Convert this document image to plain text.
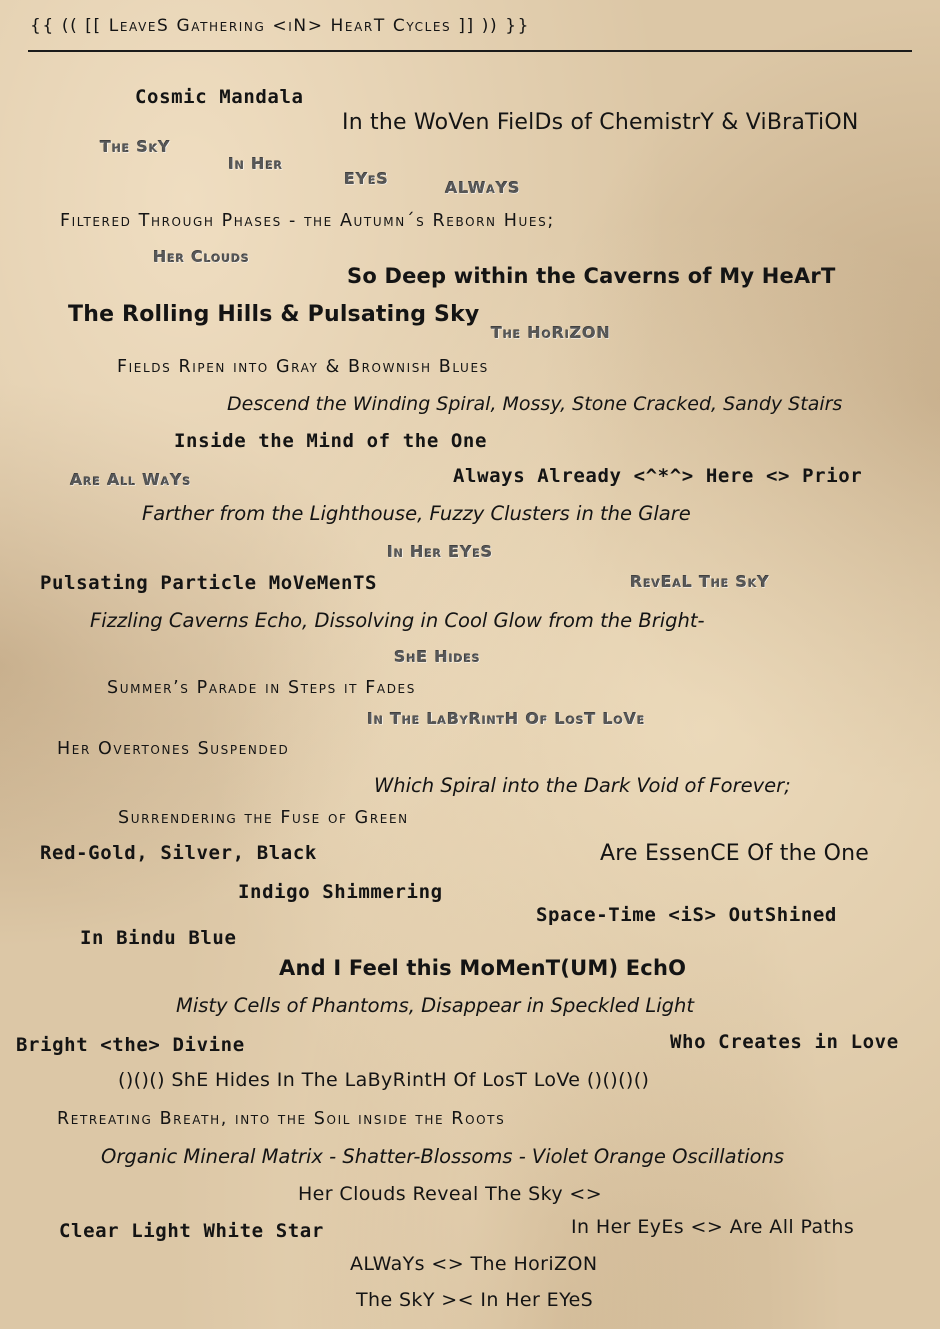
{{ (( [[ LeaveS Gathering <iN> HearT Cycles ]] )) }}
Cosmic Mandala
In the WoVen FielDs of ChemistrY & ViBraTiON
The SkY
In Her
EYeS	ALWaYS
Filtered Through Phases - the Autumn´s Reborn Hues;
Her Clouds
So Deep within the Caverns of My HeArT
The Rolling Hills & Pulsating Sky
The HoRiZON
Fields Ripen into Gray & Brownish Blues
Descend the Winding Spiral, Mossy, Stone Cracked, Sandy Stairs
Inside the Mind of the One
Are All WaYs	Always Already <^*^> Here <> Prior
Farther from the Lighthouse, Fuzzy Clusters in the Glare
In Her EYeS
Pulsating Particle MoVeMenTS	RevEaL The SkY
Fizzling Caverns Echo, Dissolving in Cool Glow from the Bright-
ShE Hides
Summer’s Parade in Steps it Fades
In The LaByRintH Of LosT LoVe
Her Overtones Suspended
Which Spiral into the Dark Void of Forever;
Surrendering the Fuse of Green
Red-Gold, Silver, Black	Are EssenCE Of the One
Indigo Shimmering
Space-Time <iS> OutShined
In Bindu Blue
And I Feel this MoMenT(UM) EchO
Misty Cells of Phantoms, Disappear in Speckled Light
Bright <the> Divine	Who Creates in Love
()()() ShE Hides In The LaByRintH Of LosT LoVe ()()()()
Retreating Breath, into the Soil inside the Roots
Organic Mineral Matrix - Shatter-Blossoms - Violet Orange Oscillations
Her Clouds Reveal The Sky <>
Clear Light White Star	In Her EyEs <> Are All Paths
ALWaYs <> The HoriZON
The SkY >< In Her EYeS
